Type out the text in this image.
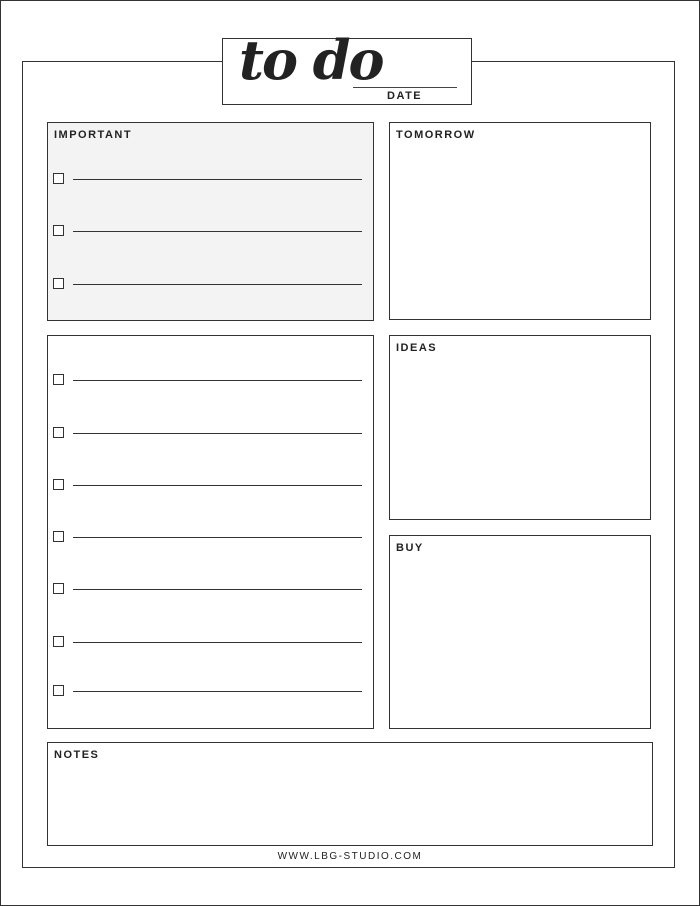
to do
DATE
IMPORTANT	TOMORROW
IDEAS
BUY
NOTES
WWW.LBG-STUDIO.COM
